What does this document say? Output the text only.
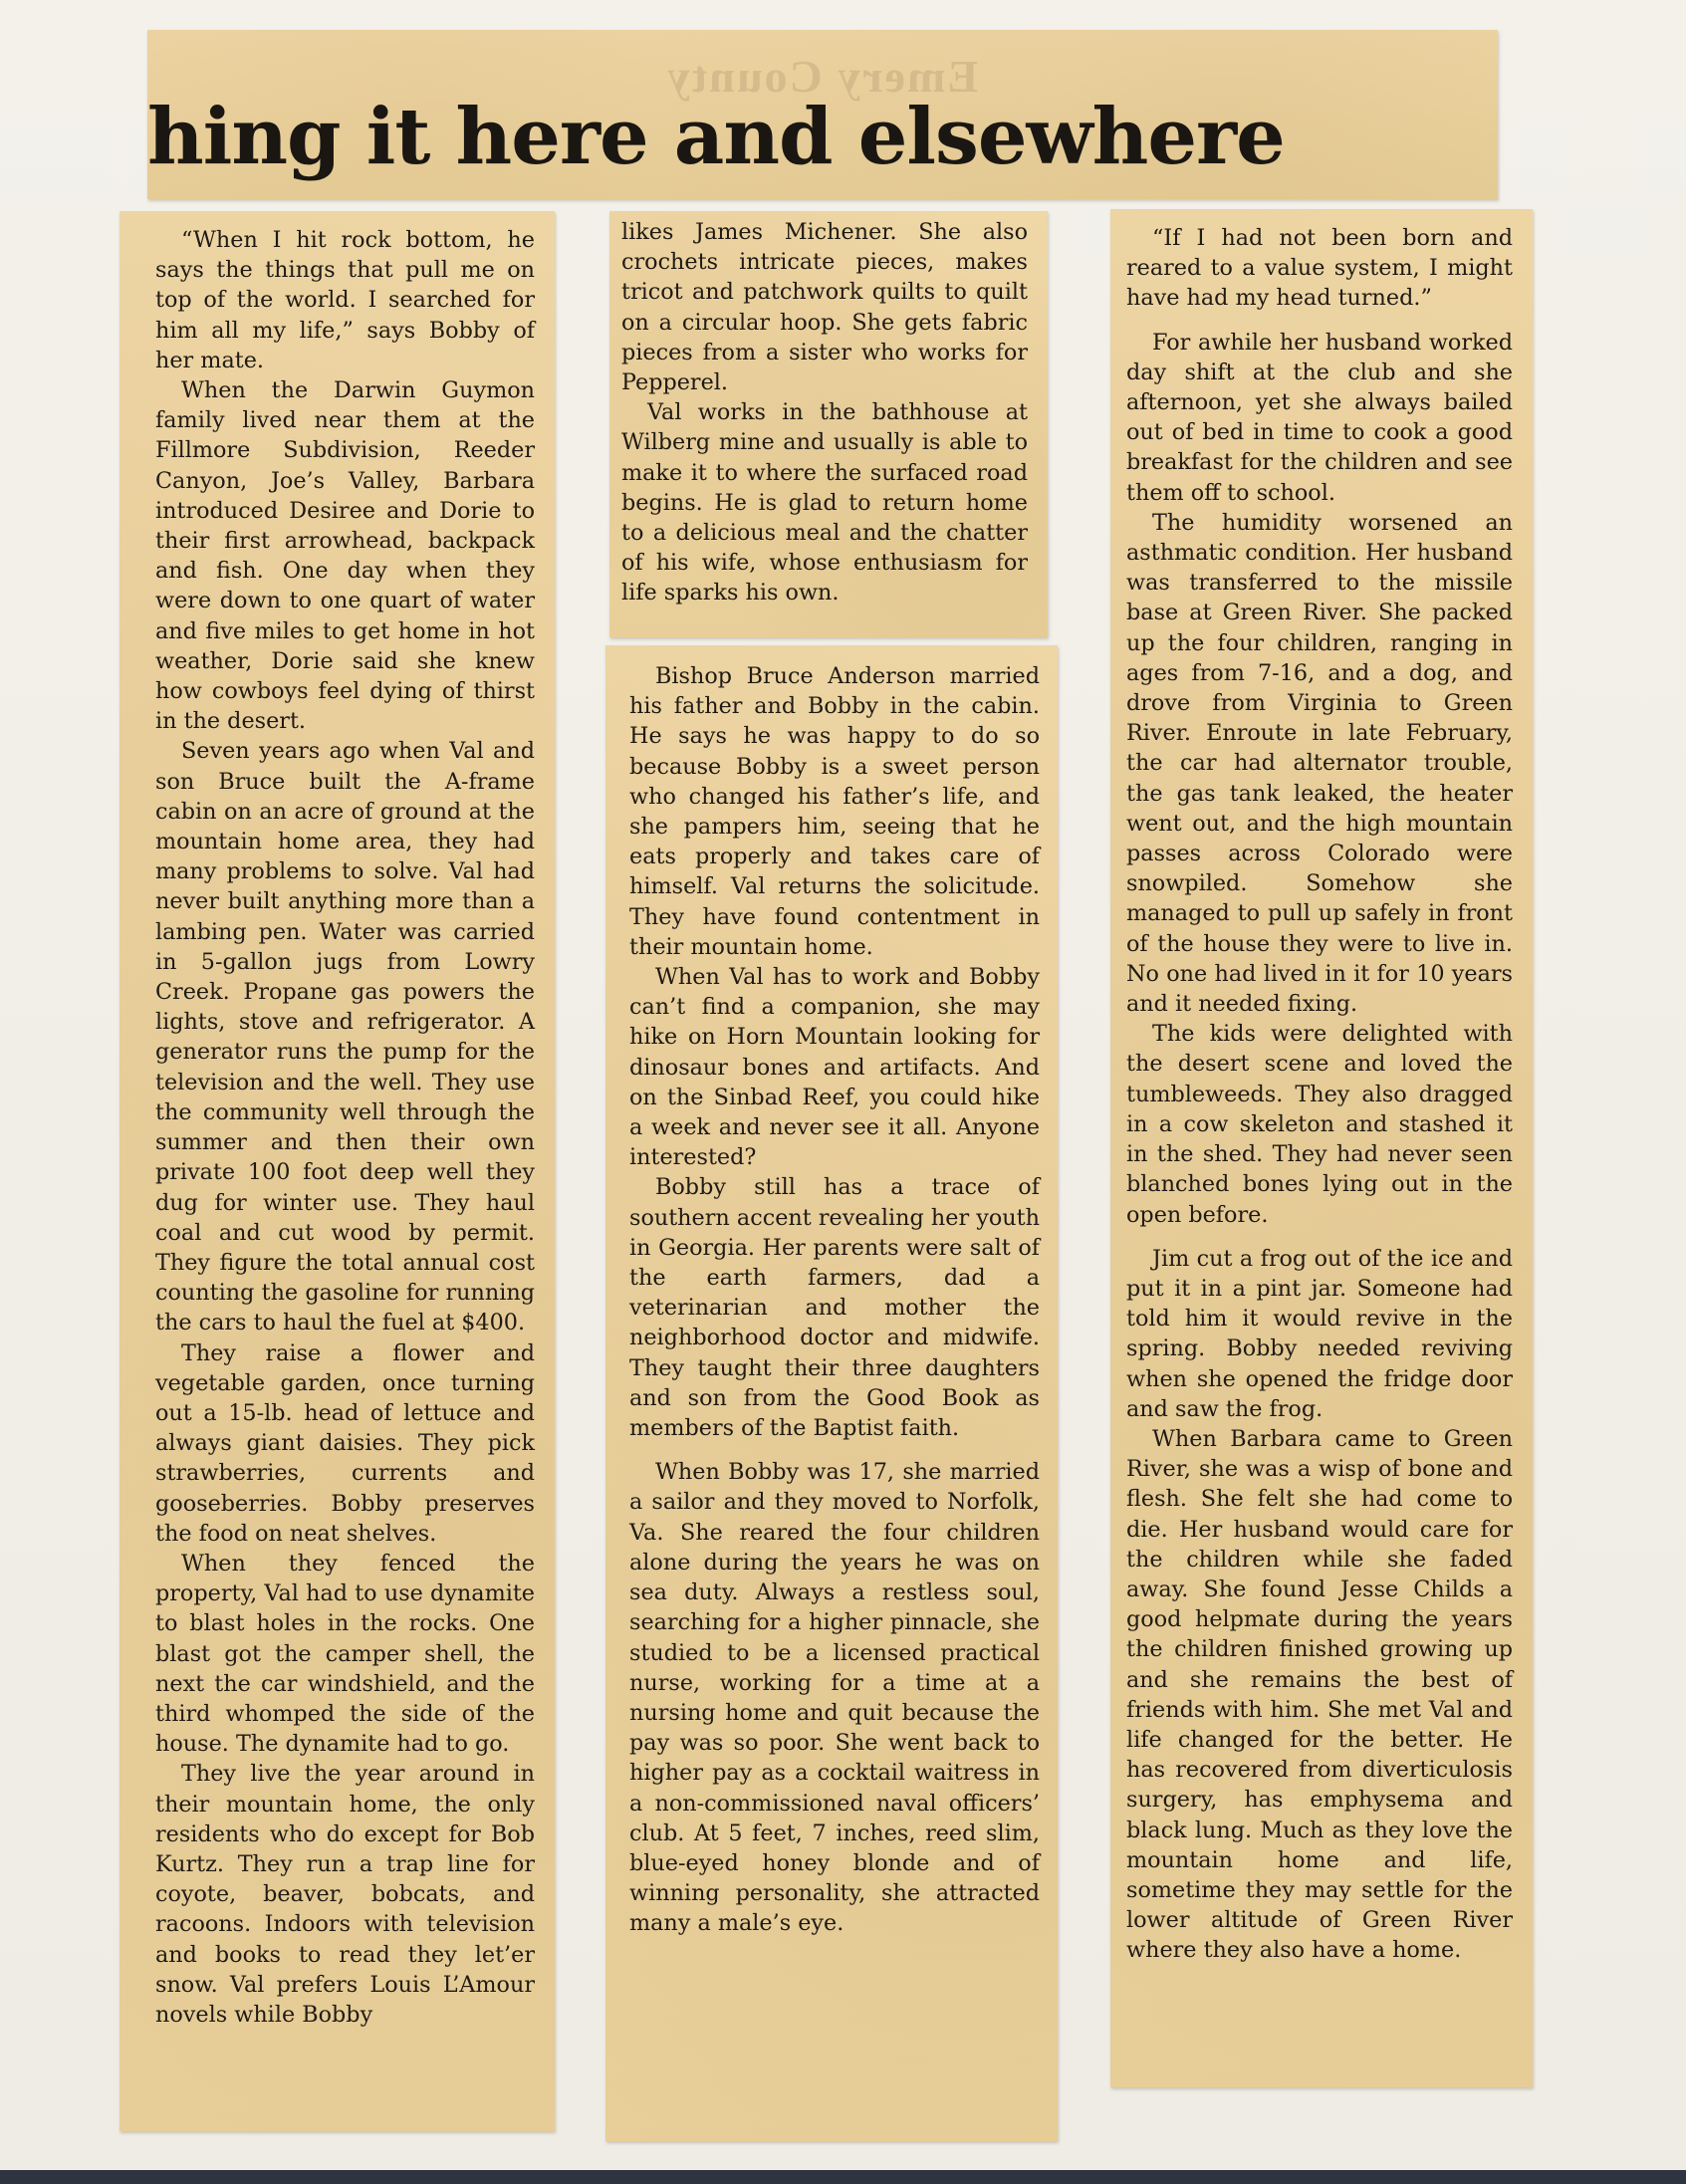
Emery County
hing it here and elsewhere

“When I hit rock bottom, he says the things that pull me on top of the world. I searched for him all my life,” says Bobby of her mate.

When the Darwin Guymon family lived near them at the Fillmore Subdivision, Reeder Canyon, Joe’s Valley, Barbara introduced Desiree and Dorie to their first arrowhead, backpack and fish. One day when they were down to one quart of water and five miles to get home in hot weather, Dorie said she knew how cowboys feel dying of thirst in the desert.

Seven years ago when Val and son Bruce built the A-frame cabin on an acre of ground at the mountain home area, they had many problems to solve. Val had never built anything more than a lambing pen. Water was carried in 5-gallon jugs from Lowry Creek. Propane gas powers the lights, stove and refrigerator. A generator runs the pump for the television and the well. They use the community well through the summer and then their own private 100 foot deep well they dug for winter use. They haul coal and cut wood by permit. They figure the total annual cost counting the gasoline for running the cars to haul the fuel at $400.

They raise a flower and vegetable garden, once turning out a 15-lb. head of lettuce and always giant daisies. They pick strawberries, currents and gooseberries. Bobby preserves the food on neat shelves.

When they fenced the property, Val had to use dynamite to blast holes in the rocks. One blast got the camper shell, the next the car windshield, and the third whomped the side of the house. The dynamite had to go.

They live the year around in their mountain home, the only residents who do except for Bob Kurtz. They run a trap line for coyote, beaver, bobcats, and racoons. Indoors with television and books to read they let’er snow. Val prefers Louis L’Amour novels while Bobby

likes James Michener. She also crochets intricate pieces, makes tricot and patchwork quilts to quilt on a circular hoop. She gets fabric pieces from a sister who works for Pepperel.

Val works in the bathhouse at Wilberg mine and usually is able to make it to where the surfaced road begins. He is glad to return home to a delicious meal and the chatter of his wife, whose enthusiasm for life sparks his own.

Bishop Bruce Anderson married his father and Bobby in the cabin. He says he was happy to do so because Bobby is a sweet person who changed his father’s life, and she pampers him, seeing that he eats properly and takes care of himself. Val returns the solicitude. They have found contentment in their mountain home.

When Val has to work and Bobby can’t find a companion, she may hike on Horn Mountain looking for dinosaur bones and artifacts. And on the Sinbad Reef, you could hike a week and never see it all. Anyone interested?

Bobby still has a trace of southern accent revealing her youth in Georgia. Her parents were salt of the earth farmers, dad a veterinarian and mother the neighborhood doctor and midwife. They taught their three daughters and son from the Good Book as members of the Baptist faith.

When Bobby was 17, she married a sailor and they moved to Norfolk, Va. She reared the four children alone during the years he was on sea duty. Always a restless soul, searching for a higher pinnacle, she studied to be a licensed practical nurse, working for a time at a nursing home and quit because the pay was so poor. She went back to higher pay as a cocktail waitress in a non-commissioned naval officers’ club. At 5 feet, 7 inches, reed slim, blue-eyed honey blonde and of winning personality, she attracted many a male’s eye.

“If I had not been born and reared to a value system, I might have had my head turned.”

For awhile her husband worked day shift at the club and she afternoon, yet she always bailed out of bed in time to cook a good breakfast for the children and see them off to school.

The humidity worsened an asthmatic condition. Her husband was transferred to the missile base at Green River. She packed up the four children, ranging in ages from 7-16, and a dog, and drove from Virginia to Green River. Enroute in late February, the car had alternator trouble, the gas tank leaked, the heater went out, and the high mountain passes across Colorado were snowpiled. Somehow she managed to pull up safely in front of the house they were to live in. No one had lived in it for 10 years and it needed fixing.

The kids were delighted with the desert scene and loved the tumbleweeds. They also dragged in a cow skeleton and stashed it in the shed. They had never seen blanched bones lying out in the open before.

Jim cut a frog out of the ice and put it in a pint jar. Someone had told him it would revive in the spring. Bobby needed reviving when she opened the fridge door and saw the frog.

When Barbara came to Green River, she was a wisp of bone and flesh. She felt she had come to die. Her husband would care for the children while she faded away. She found Jesse Childs a good helpmate during the years the children finished growing up and she remains the best of friends with him. She met Val and life changed for the better. He has recovered from diverticulosis surgery, has emphysema and black lung. Much as they love the mountain home and life, sometime they may settle for the lower altitude of Green River where they also have a home.
